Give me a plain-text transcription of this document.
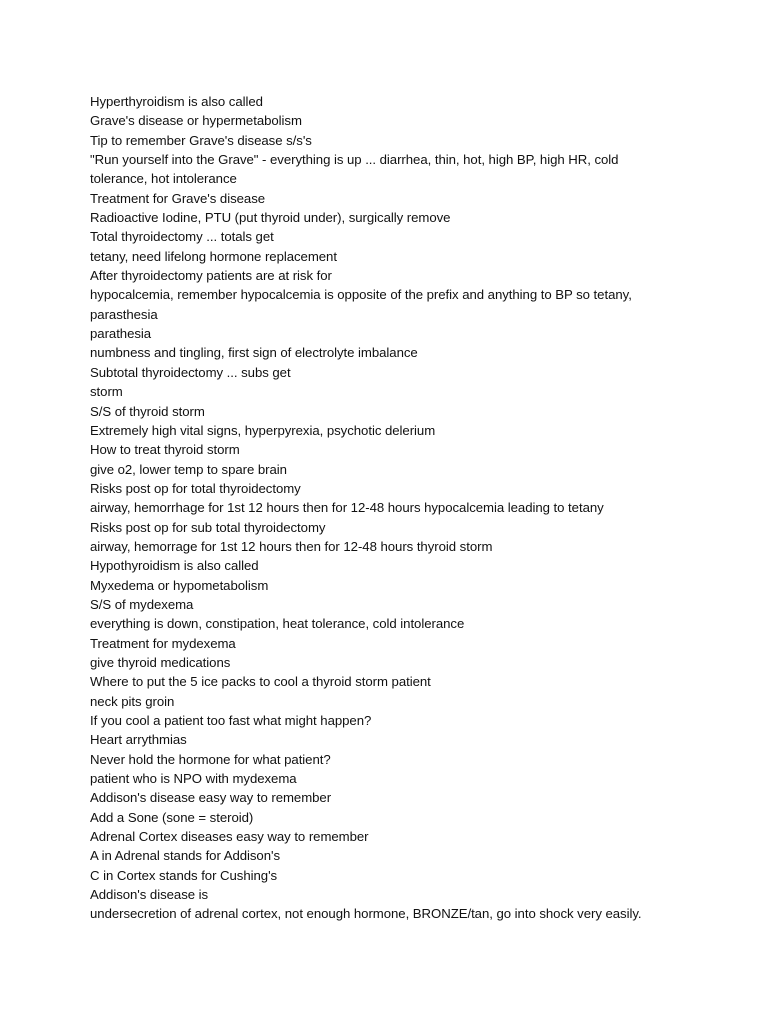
Hyperthyroidism is also called

Grave's disease or hypermetabolism

Tip to remember Grave's disease s/s's

"Run yourself into the Grave" - everything is up ... diarrhea, thin, hot, high BP, high HR, cold

tolerance, hot intolerance

Treatment for Grave's disease

Radioactive Iodine, PTU (put thyroid under), surgically remove

Total thyroidectomy ... totals get

tetany, need lifelong hormone replacement

After thyroidectomy patients are at risk for

hypocalcemia, remember hypocalcemia is opposite of the prefix and anything to BP so tetany,

parasthesia

parathesia

numbness and tingling, first sign of electrolyte imbalance

Subtotal thyroidectomy ... subs get

storm

S/S of thyroid storm

Extremely high vital signs, hyperpyrexia, psychotic delerium

How to treat thyroid storm

give o2, lower temp to spare brain

Risks post op for total thyroidectomy

airway, hemorrhage for 1st 12 hours then for 12-48 hours hypocalcemia leading to tetany

Risks post op for sub total thyroidectomy

airway, hemorrage for 1st 12 hours then for 12-48 hours thyroid storm

Hypothyroidism is also called

Myxedema or hypometabolism

S/S of mydexema

everything is down, constipation, heat tolerance, cold intolerance

Treatment for mydexema

give thyroid medications

Where to put the 5 ice packs to cool a thyroid storm patient

neck pits groin

If you cool a patient too fast what might happen?

Heart arrythmias

Never hold the hormone for what patient?

patient who is NPO with mydexema

Addison's disease easy way to remember

Add a Sone (sone = steroid)

Adrenal Cortex diseases easy way to remember

A in Adrenal stands for Addison's

C in Cortex stands for Cushing's

Addison's disease is

undersecretion of adrenal cortex, not enough hormone, BRONZE/tan, go into shock very easily.
